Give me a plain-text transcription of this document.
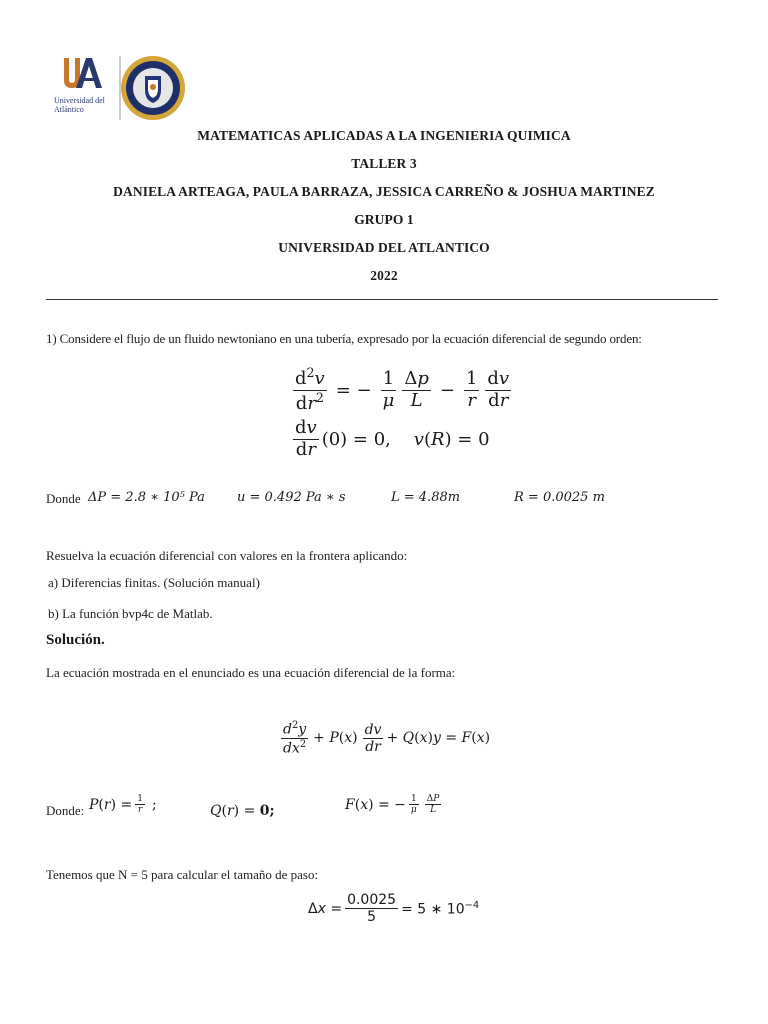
Universidad del Atlántico
MATEMATICAS APLICADAS A LA INGENIERIA QUIMICA
TALLER 3
DANIELA ARTEAGA, PAULA BARRAZA, JESSICA CARREÑO & JOSHUA MARTINEZ
GRUPO 1
UNIVERSIDAD DEL ATLANTICO
2022
1) Considere el flujo de un fluido newtoniano en una tubería, expresado por la ecuación diferencial de segundo orden:
$\frac{d^2v}{dr^2}$ = − $\frac{1}{\mu} \frac{\Delta p}{L} - \frac{1}{r} \frac{dv}{dr}$
$\frac{dv}{dr} (0) = 0$,    v(R) = 0
Donde ΔP = 2.8 ∗ 10⁵ Pa u = 0.492 Pa ∗ s	L = 4.88m	R = 0.0025 m
Resuelva la ecuación diferencial con valores en la frontera aplicando:
a) Diferencias finitas. (Solución manual)
b) La función bvp4c de Matlab.
Solución.
La ecuación mostrada en el enunciado es una ecuación diferencial de la forma:
$\frac{d^2y}{dx^2} + P(x) \frac{dv}{dr} + Q(x)y = F(x)$
Donde: $P(r) = \frac{1}{r}$ ;	Q(r) = 0;	F(x) = − $\frac{1}{\mu} \frac{\Delta P}{L}$
Tenemos que N = 5 para calcular el tamaño de paso:
$\Delta x = \frac{0.0025}{5} = 5$ ∗ $10^{-4}$
